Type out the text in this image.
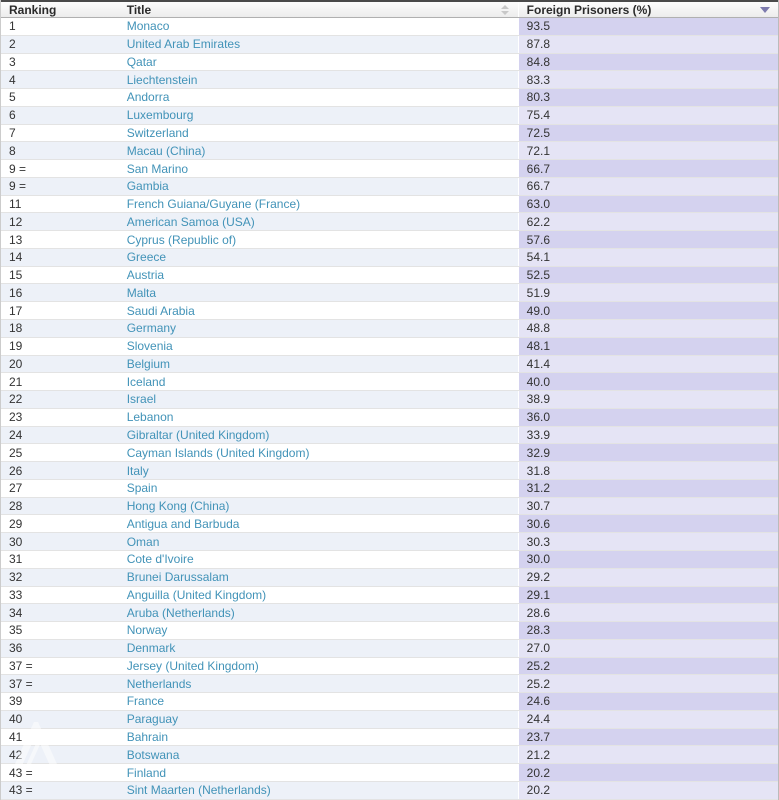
Ranking	Title	Foreign Prisoners (%)
1	Monaco	93.5
2	United Arab Emirates	87.8
3	Qatar	84.8
4	Liechtenstein	83.3
5	Andorra	80.3
6	Luxembourg	75.4
7	Switzerland	72.5
8	Macau (China)	72.1
9 =	San Marino	66.7
9 =	Gambia	66.7
11	French Guiana/Guyane (France)	63.0
12	American Samoa (USA)	62.2
13	Cyprus (Republic of)	57.6
14	Greece	54.1
15	Austria	52.5
16	Malta	51.9
17	Saudi Arabia	49.0
18	Germany	48.8
19	Slovenia	48.1
20	Belgium	41.4
21	Iceland	40.0
22	Israel	38.9
23	Lebanon	36.0
24	Gibraltar (United Kingdom)	33.9
25	Cayman Islands (United Kingdom)	32.9
26	Italy	31.8
27	Spain	31.2
28	Hong Kong (China)	30.7
29	Antigua and Barbuda	30.6
30	Oman	30.3
31	Cote d'Ivoire	30.0
32	Brunei Darussalam	29.2
33	Anguilla (United Kingdom)	29.1
34	Aruba (Netherlands)	28.6
35	Norway	28.3
36	Denmark	27.0
37 =	Jersey (United Kingdom)	25.2
37 =	Netherlands	25.2
39	France	24.6
40	Paraguay	24.4
41	Bahrain	23.7
42	Botswana	21.2
43 =	Finland	20.2
43 =	Sint Maarten (Netherlands)	20.2
